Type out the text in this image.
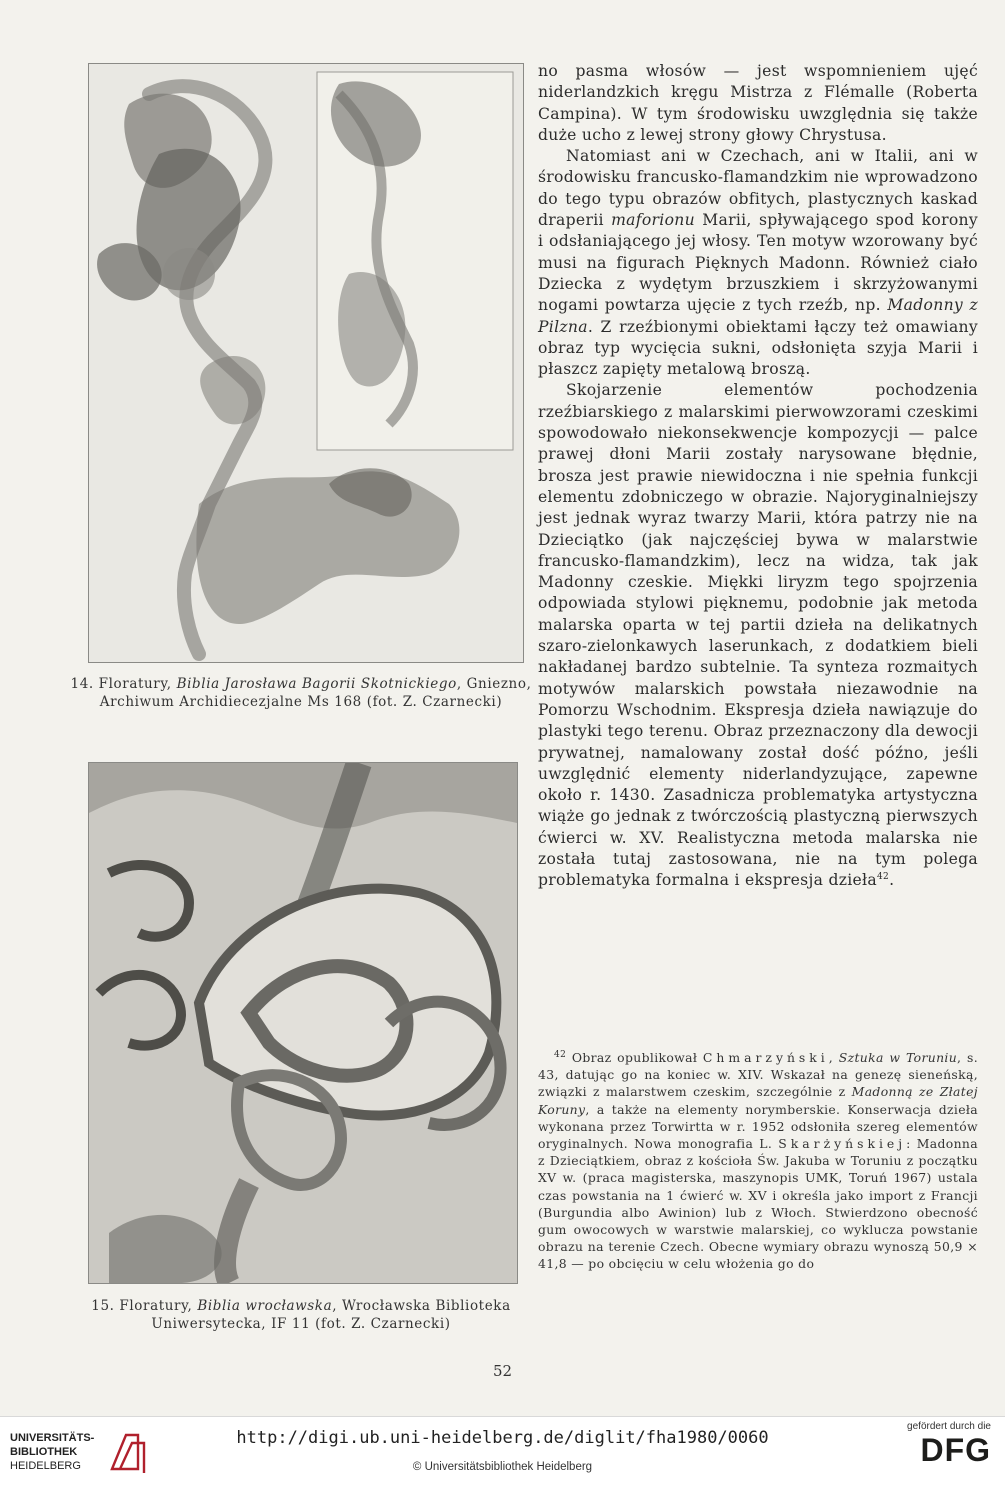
14. Floratury, Biblia Jarosława Bagorii Skotnickiego, Gniezno, Archiwum Archidiecezjalne Ms 168 (fot. Z. Czarnecki)
15. Floratury, Biblia wrocławska, Wrocławska Biblioteka Uniwersytecka, IF 11 (fot. Z. Czarnecki)

no pasma włosów — jest wspomnieniem ujęć niderlandzkich kręgu Mistrza z Flémalle (Roberta Campina). W tym środowisku uwzględnia się także duże ucho z lewej strony głowy Chrystusa.

Natomiast ani w Czechach, ani w Italii, ani w środowisku francusko-flamandzkim nie wprowadzono do tego typu obrazów obfitych, plastycznych kaskad draperii maforionu Marii, spływającego spod korony i odsłaniającego jej włosy. Ten motyw wzorowany być musi na figurach Pięknych Madonn. Również ciało Dziecka z wydętym brzuszkiem i skrzyżowanymi nogami powtarza ujęcie z tych rzeźb, np. Madonny z Pilzna. Z rzeźbionymi obiektami łączy też omawiany obraz typ wycięcia sukni, odsłonięta szyja Marii i płaszcz zapięty metalową broszą.

Skojarzenie elementów pochodzenia rzeźbiarskiego z malarskimi pierwowzorami czeskimi spowodowało niekonsekwencje kompozycji — palce prawej dłoni Marii zostały narysowane błędnie, brosza jest prawie niewidoczna i nie spełnia funkcji elementu zdobniczego w obrazie. Najoryginalniejszy jest jednak wyraz twarzy Marii, która patrzy nie na Dzieciątko (jak najczęściej bywa w malarstwie francusko-flamandzkim), lecz na widza, tak jak Madonny czeskie. Miękki liryzm tego spojrzenia odpowiada stylowi pięknemu, podobnie jak metoda malarska oparta w tej partii dzieła na delikatnych szaro-zielonkawych laserunkach, z dodatkiem bieli nakładanej bardzo subtelnie. Ta synteza rozmaitych motywów malarskich powstała niezawodnie na Pomorzu Wschodnim. Ekspresja dzieła nawiązuje do plastyki tego terenu. Obraz przeznaczony dla dewocji prywatnej, namalowany został dość późno, jeśli uwzględnić elementy niderlandyzujące, zapewne około r. 1430. Zasadnicza problematyka artystyczna wiąże go jednak z twórczością plastyczną pierwszych ćwierci w. XV. Realistyczna metoda malarska nie została tutaj zastosowana, nie na tym polega problematyka formalna i ekspresja dzieła$^{42}$.

$^{42}$ Obraz opublikował Chmarzyński, Sztuka w Toruniu, s. 43, datując go na koniec w. XIV. Wskazał na genezę sieneńską, związki z malarstwem czeskim, szczególnie z Madonną ze Złatej Koruny, a także na elementy norymberskie. Konserwacja dzieła wykonana przez Torwirtta w r. 1952 odsłoniła szereg elementów oryginalnych. Nowa monografia L. Skarżyńskiej: Madonna z Dzieciątkiem, obraz z kościoła Św. Jakuba w Toruniu z początku XV w. (praca magisterska, maszynopis UMK, Toruń 1967) ustala czas powstania na 1 ćwierć w. XV i określa jako import z Francji (Burgundia albo Awinion) lub z Włoch. Stwierdzono obecność gum owocowych w warstwie malarskiej, co wyklucza powstanie obrazu na terenie Czech. Obecne wymiary obrazu wynoszą 50,9 × 41,8 — po obcięciu w celu włożenia go do
52
UNIVERSITÄTS-
BIBLIOTHEK
HEIDELBERG
http://digi.ub.uni-heidelberg.de/diglit/fha1980/0060
© Universitätsbibliothek Heidelberg
gefördert durch die
DFG
